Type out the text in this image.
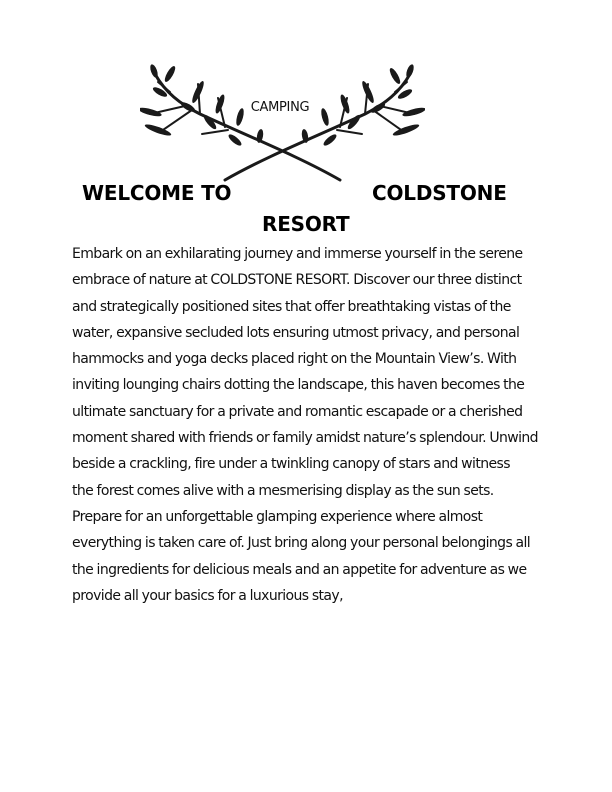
CAMPING
WELCOME TO	COLDSTONE
RESORT

Embark on an exhilarating journey and immerse yourself in the serene
embrace of nature at COLDSTONE RESORT. Discover our three distinct
and strategically positioned sites that offer breathtaking vistas of the
water, expansive secluded lots ensuring utmost privacy, and personal
hammocks and yoga decks placed right on the Mountain View’s. With
inviting lounging chairs dotting the landscape, this haven becomes the
ultimate sanctuary for a private and romantic escapade or a cherished
moment shared with friends or family amidst nature’s splendour. Unwind
beside a crackling, fire under a twinkling canopy of stars and witness
the forest comes alive with a mesmerising display as the sun sets.
Prepare for an unforgettable glamping experience where almost
everything is taken care of. Just bring along your personal belongings all
the ingredients for delicious meals and an appetite for adventure as we
provide all your basics for a luxurious stay,
